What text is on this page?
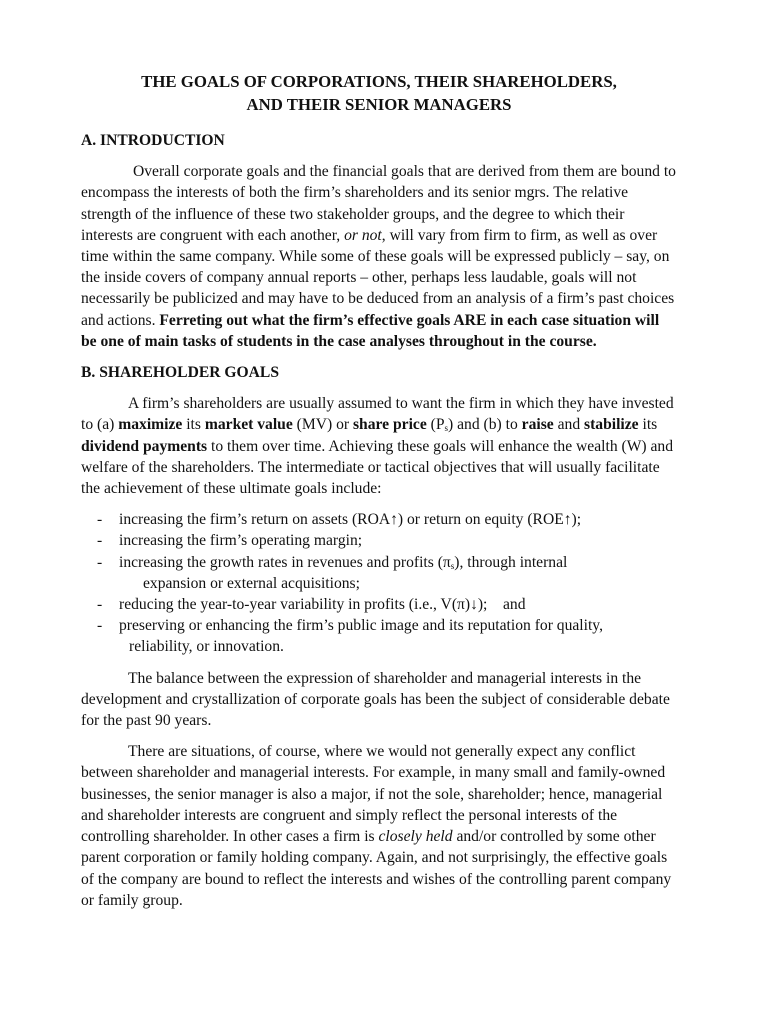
THE GOALS OF CORPORATIONS, THEIR SHAREHOLDERS,
AND THEIR SENIOR MANAGERS
A. INTRODUCTION

Overall corporate goals and the financial goals that are derived from them are bound to encompass the interests of both the firm’s shareholders and its senior mgrs. The relative strength of the influence of these two stakeholder groups, and the degree to which their interests are congruent with each another, or not, will vary from firm to firm, as well as over time within the same company. While some of these goals will be expressed publicly – say, on the inside covers of company annual reports – other, perhaps less laudable, goals will not necessarily be publicized and may have to be deduced from an analysis of a firm’s past choices and actions. Ferreting out what the firm’s effective goals ARE in each case situation will be one of main tasks of students in the case analyses throughout in the course.

B. SHAREHOLDER GOALS

A firm’s shareholders are usually assumed to want the firm in which they have invested to (a) maximize its market value (MV) or share price $(P_s)$ and (b) to raise and stabilize its dividend payments to them over time. Achieving these goals will enhance the wealth (W) and welfare of the shareholders. The intermediate or tactical objectives that will usually facilitate the achievement of these ultimate goals include:

- increasing the firm’s return on assets (ROA↑) or return on equity (ROE↑);
- increasing the firm’s operating margin;
- increasing the growth rates in revenues and profits $(\pi_s)$, through internal
expansion or external acquisitions;
- reducing the year-to-year variability in profits (i.e., V(π)↓);    and
- preserving or enhancing the firm’s public image and its reputation for quality,
reliability, or innovation.

The balance between the expression of shareholder and managerial interests in the development and crystallization of corporate goals has been the subject of considerable debate for the past 90 years.

There are situations, of course, where we would not generally expect any conflict between shareholder and managerial interests. For example, in many small and family-owned businesses, the senior manager is also a major, if not the sole, shareholder; hence, managerial and shareholder interests are congruent and simply reflect the personal interests of the controlling shareholder. In other cases a firm is closely held and/or controlled by some other parent corporation or family holding company. Again, and not surprisingly, the effective goals of the company are bound to reflect the interests and wishes of the controlling parent company or family group.
